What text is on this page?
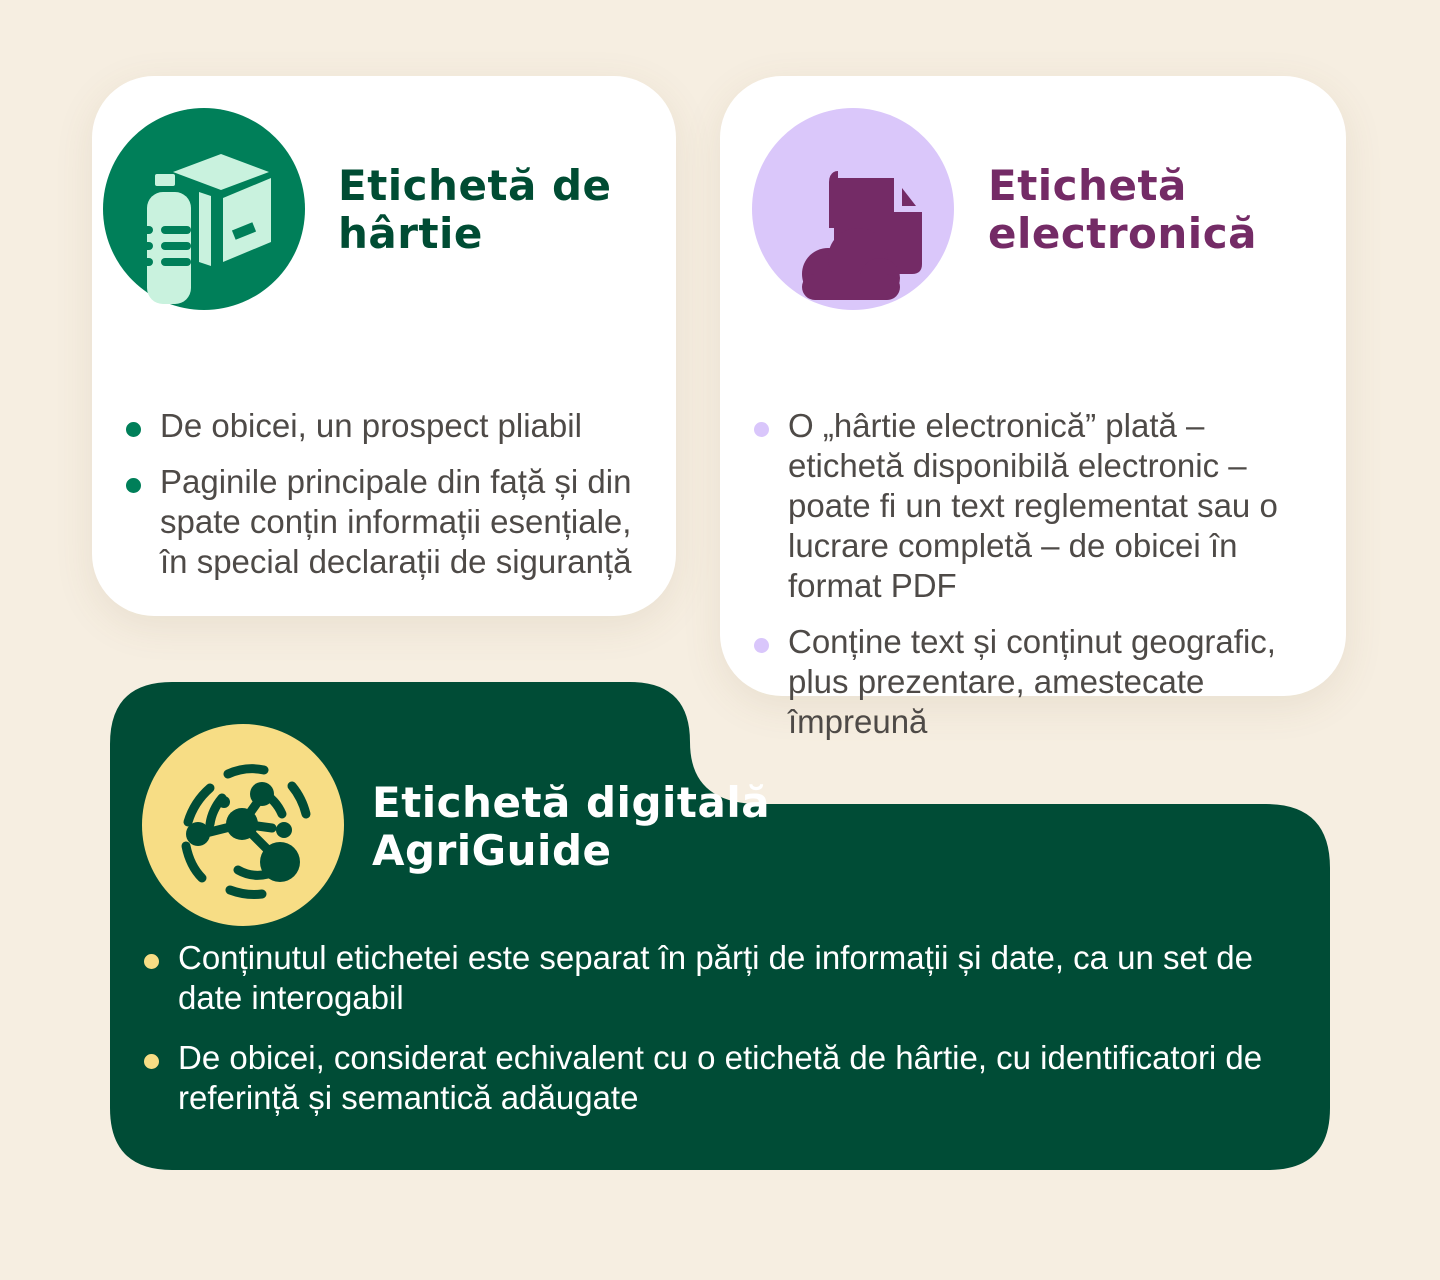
Etichetă de hârtie
De obicei, un prospect pliabil
Paginile principale din față și din spate conțin informații esențiale, în special declarații de siguranță
Etichetă electronică
O „hârtie electronică” plată – etichetă disponibilă electronic – poate fi un text reglementat sau o lucrare completă – de obicei în format PDF
Conține text și conținut geografic, plus prezentare, amestecate împreună
Etichetă digitală AgriGuide
Conținutul etichetei este separat în părți de informații și date, ca un set de date interogabil
De obicei, considerat echivalent cu o etichetă de hârtie, cu identificatori de referință și semantică adăugate
